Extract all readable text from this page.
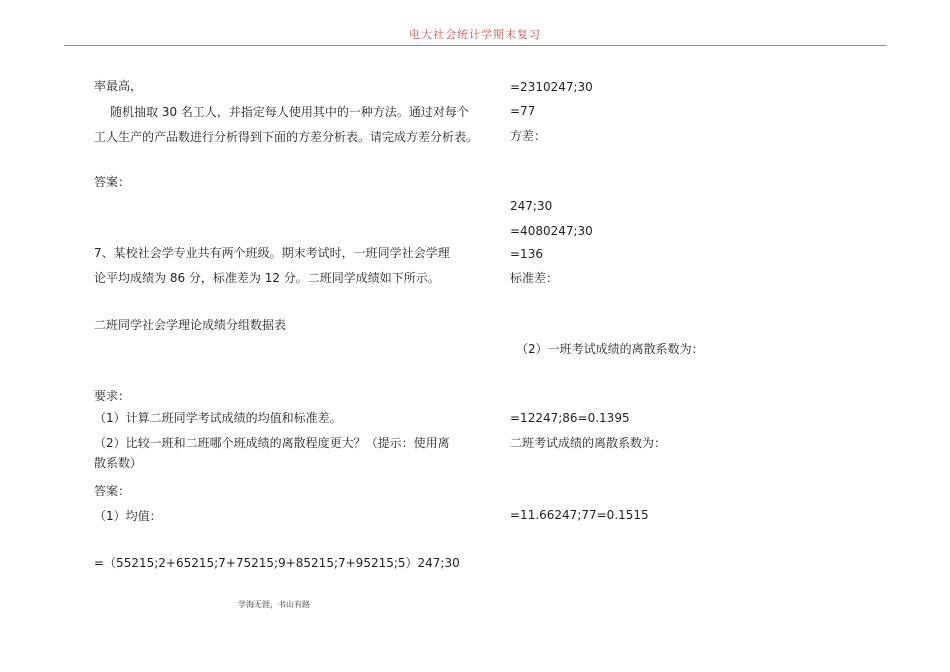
电大社会统计学期末复习
率最高，
随机抽取 30 名工人，并指定每人使用其中的一种方法。通过对每个
工人生产的产品数进行分析得到下面的方差分析表。请完成方差分析表。
答案：
7、某校社会学专业共有两个班级。期末考试时，一班同学社会学理
论平均成绩为 86 分，标准差为 12 分。二班同学成绩如下所示。
二班同学社会学理论成绩分组数据表
要求：
（1）计算二班同学考试成绩的均值和标准差。
（2）比较一班和二班哪个班成绩的离散程度更大？（提示：使用离
散系数）
答案：
（1）均值：
=（55215;2+65215;7+75215;9+85215;7+95215;5）247;30
=2310247;30
=77
方差：
247;30
=4080247;30
=136
标准差：
（2）一班考试成绩的离散系数为：
=12247;86=0.1395
二班考试成绩的离散系数为：
=11.66247;77=0.1515
学海无涯，书山有路
